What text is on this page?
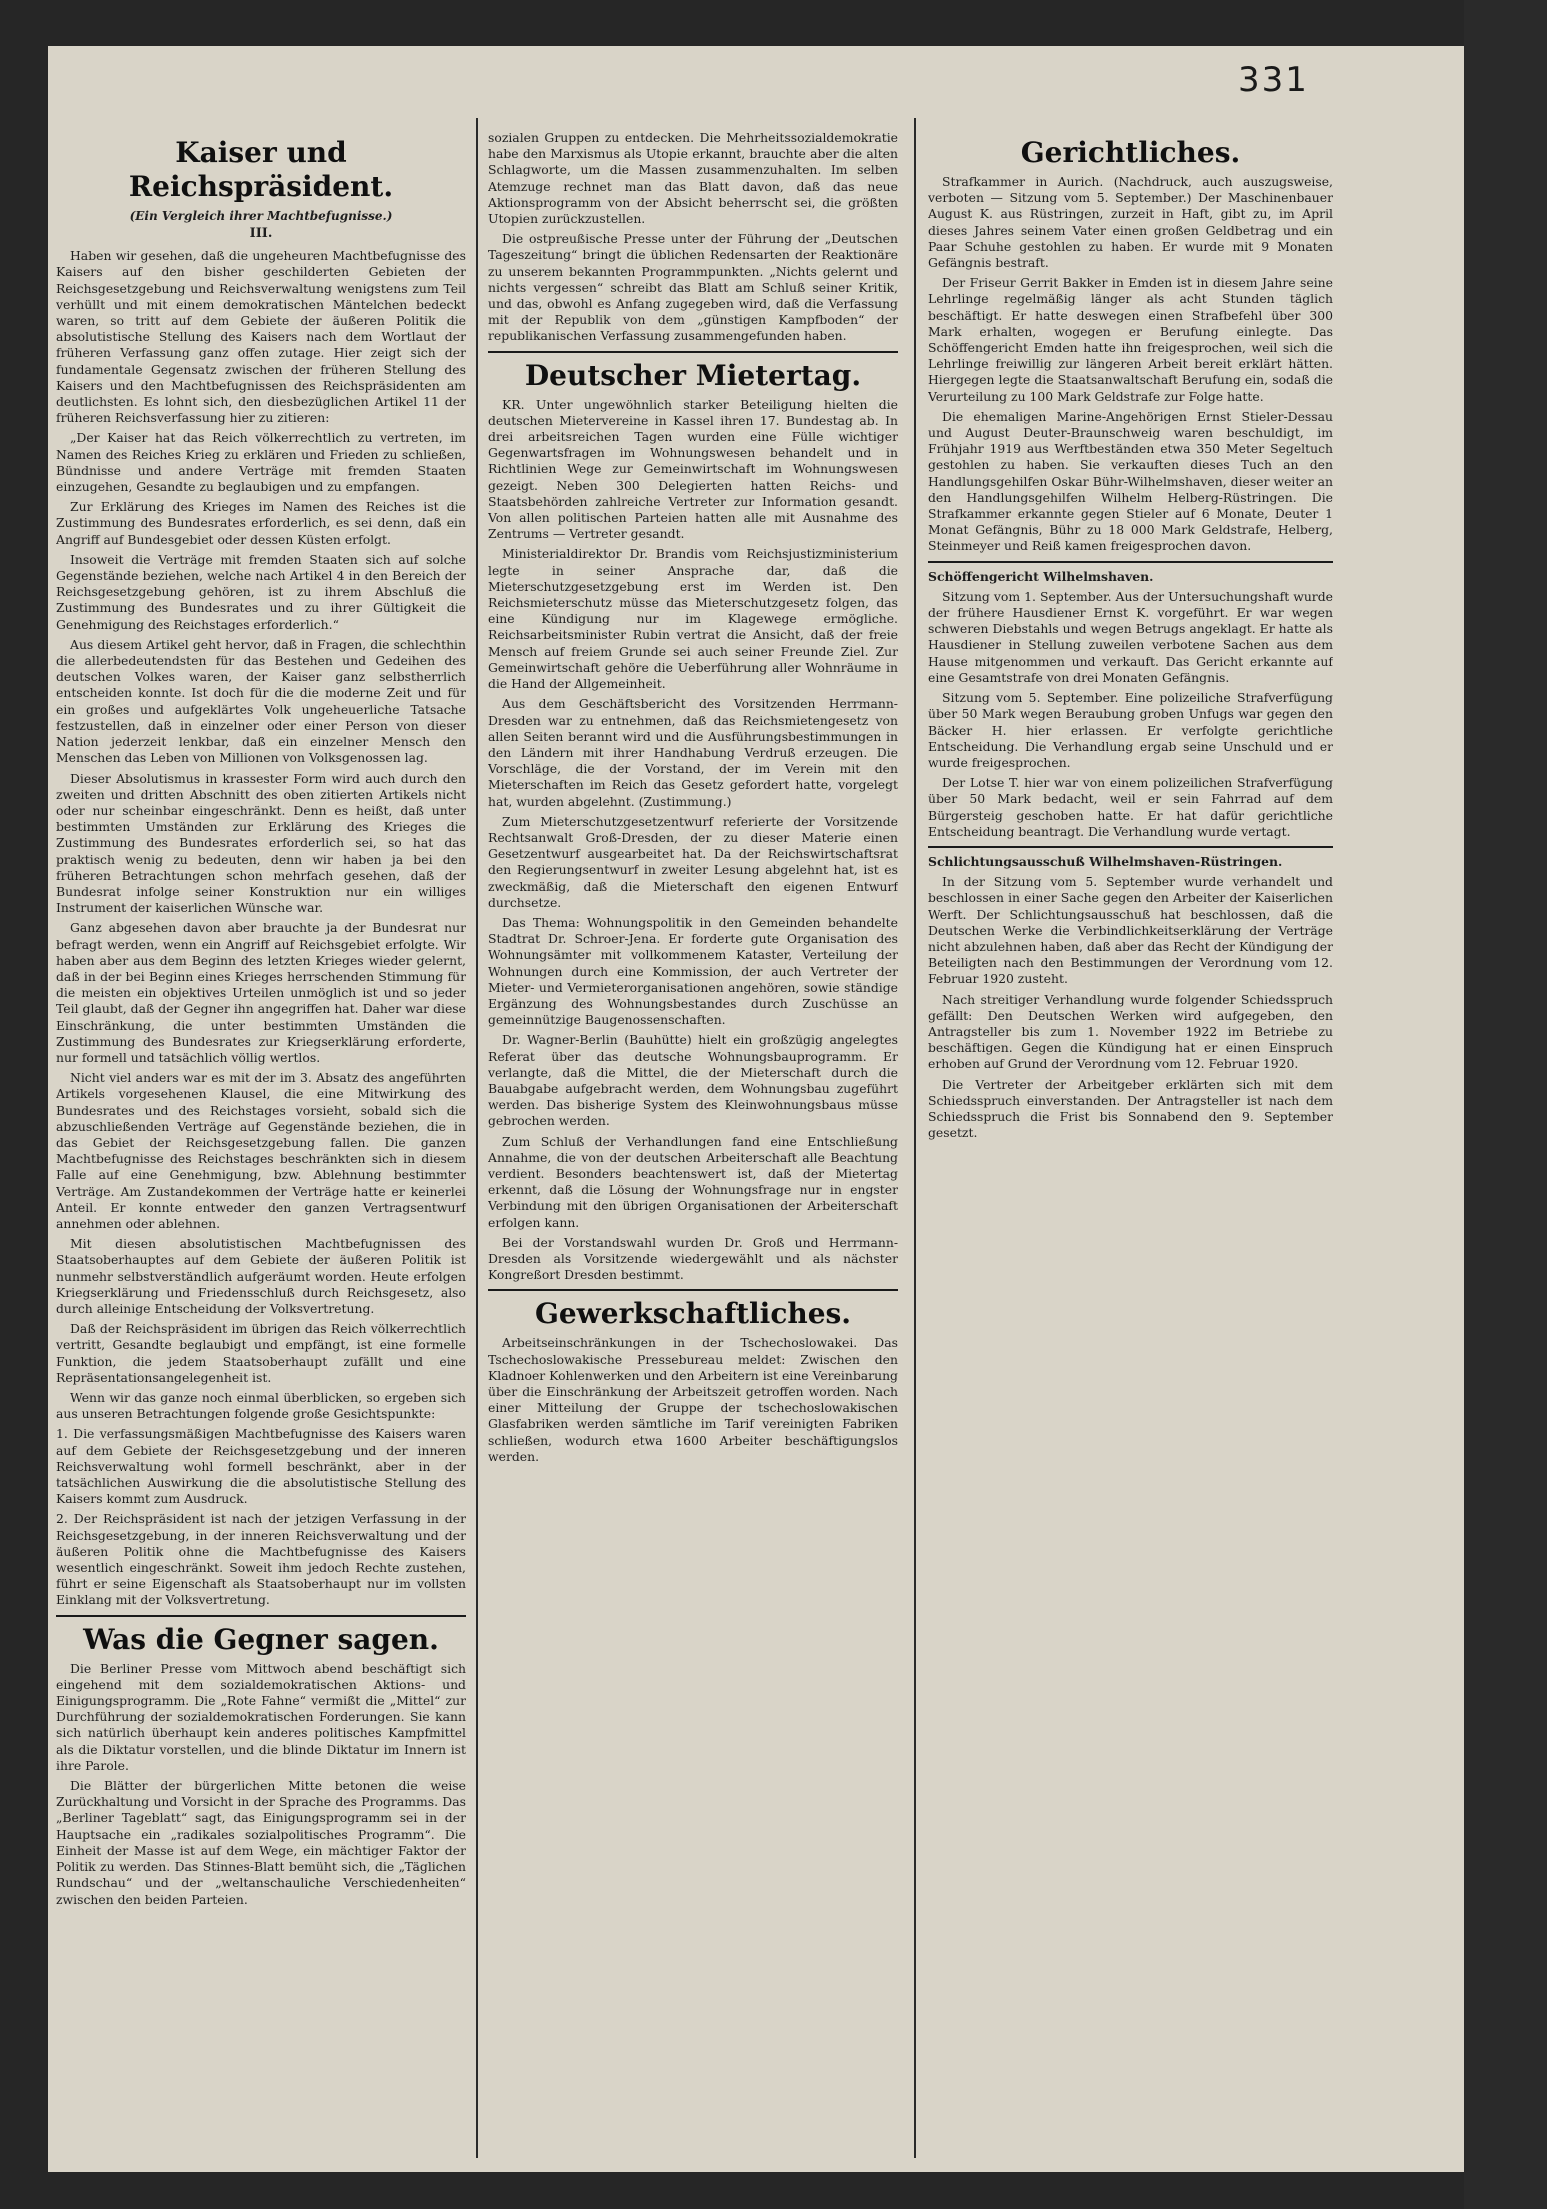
331
Kaiser und Reichspräsident.
(Ein Vergleich ihrer Machtbefugnisse.)
III.

Haben wir gesehen, daß die ungeheuren Machtbefugnisse des Kaisers auf den bisher geschilderten Gebieten der Reichsgesetzgebung und Reichsverwaltung wenigstens zum Teil verhüllt und mit einem demokratischen Mäntelchen bedeckt waren, so tritt auf dem Gebiete der äußeren Politik die absolutistische Stellung des Kaisers nach dem Wortlaut der früheren Verfassung ganz offen zutage. Hier zeigt sich der fundamentale Gegensatz zwischen der früheren Stellung des Kaisers und den Machtbefugnissen des Reichspräsidenten am deutlichsten. Es lohnt sich, den diesbezüglichen Artikel 11 der früheren Reichsverfassung hier zu zitieren:

„Der Kaiser hat das Reich völkerrechtlich zu vertreten, im Namen des Reiches Krieg zu erklären und Frieden zu schließen, Bündnisse und andere Verträge mit fremden Staaten einzugehen, Gesandte zu beglaubigen und zu empfangen.

Zur Erklärung des Krieges im Namen des Reiches ist die Zustimmung des Bundesrates erforderlich, es sei denn, daß ein Angriff auf Bundesgebiet oder dessen Küsten erfolgt.

Insoweit die Verträge mit fremden Staaten sich auf solche Gegenstände beziehen, welche nach Artikel 4 in den Bereich der Reichsgesetzgebung gehören, ist zu ihrem Abschluß die Zustimmung des Bundesrates und zu ihrer Gültigkeit die Genehmigung des Reichstages erforderlich.“

Aus diesem Artikel geht hervor, daß in Fragen, die schlechthin die allerbedeutendsten für das Bestehen und Gedeihen des deutschen Volkes waren, der Kaiser ganz selbstherrlich entscheiden konnte. Ist doch für die die moderne Zeit und für ein großes und aufgeklärtes Volk ungeheuerliche Tatsache festzustellen, daß in einzelner oder einer Person von dieser Nation jederzeit lenkbar, daß ein einzelner Mensch den Menschen das Leben von Millionen von Volksgenossen lag.

Dieser Absolutismus in krassester Form wird auch durch den zweiten und dritten Abschnitt des oben zitierten Artikels nicht oder nur scheinbar eingeschränkt. Denn es heißt, daß unter bestimmten Umständen zur Erklärung des Krieges die Zustimmung des Bundesrates erforderlich sei, so hat das praktisch wenig zu bedeuten, denn wir haben ja bei den früheren Betrachtungen schon mehrfach gesehen, daß der Bundesrat infolge seiner Konstruktion nur ein williges Instrument der kaiserlichen Wünsche war.

Ganz abgesehen davon aber brauchte ja der Bundesrat nur befragt werden, wenn ein Angriff auf Reichsgebiet erfolgte. Wir haben aber aus dem Beginn des letzten Krieges wieder gelernt, daß in der bei Beginn eines Krieges herrschenden Stimmung für die meisten ein objektives Urteilen unmöglich ist und so jeder Teil glaubt, daß der Gegner ihn angegriffen hat. Daher war diese Einschränkung, die unter bestimmten Umständen die Zustimmung des Bundesrates zur Kriegserklärung erforderte, nur formell und tatsächlich völlig wertlos.

Nicht viel anders war es mit der im 3. Absatz des angeführten Artikels vorgesehenen Klausel, die eine Mitwirkung des Bundesrates und des Reichstages vorsieht, sobald sich die abzuschließenden Verträge auf Gegenstände beziehen, die in das Gebiet der Reichsgesetzgebung fallen. Die ganzen Machtbefugnisse des Reichstages beschränkten sich in diesem Falle auf eine Genehmigung, bzw. Ablehnung bestimmter Verträge. Am Zustandekommen der Verträge hatte er keinerlei Anteil. Er konnte entweder den ganzen Vertragsentwurf annehmen oder ablehnen.

Mit diesen absolutistischen Machtbefugnissen des Staatsoberhauptes auf dem Gebiete der äußeren Politik ist nunmehr selbstverständlich aufgeräumt worden. Heute erfolgen Kriegserklärung und Friedensschluß durch Reichsgesetz, also durch alleinige Entscheidung der Volksvertretung.

Daß der Reichspräsident im übrigen das Reich völkerrechtlich vertritt, Gesandte beglaubigt und empfängt, ist eine formelle Funktion, die jedem Staatsoberhaupt zufällt und eine Repräsentationsangelegenheit ist.

Wenn wir das ganze noch einmal überblicken, so ergeben sich aus unseren Betrachtungen folgende große Gesichtspunkte:

1. Die verfassungsmäßigen Machtbefugnisse des Kaisers waren auf dem Gebiete der Reichsgesetzgebung und der inneren Reichsverwaltung wohl formell beschränkt, aber in der tatsächlichen Auswirkung die die absolutistische Stellung des Kaisers kommt zum Ausdruck.

2. Der Reichspräsident ist nach der jetzigen Verfassung in der Reichsgesetzgebung, in der inneren Reichsverwaltung und der äußeren Politik ohne die Machtbefugnisse des Kaisers wesentlich eingeschränkt. Soweit ihm jedoch Rechte zustehen, führt er seine Eigenschaft als Staatsoberhaupt nur im vollsten Einklang mit der Volksvertretung.

Was die Gegner sagen.

Die Berliner Presse vom Mittwoch abend beschäftigt sich eingehend mit dem sozialdemokratischen Aktions- und Einigungsprogramm. Die „Rote Fahne“ vermißt die „Mittel“ zur Durchführung der sozialdemokratischen Forderungen. Sie kann sich natürlich überhaupt kein anderes politisches Kampfmittel als die Diktatur vorstellen, und die blinde Diktatur im Innern ist ihre Parole.

Die Blätter der bürgerlichen Mitte betonen die weise Zurückhaltung und Vorsicht in der Sprache des Programms. Das „Berliner Tageblatt“ sagt, das Einigungsprogramm sei in der Hauptsache ein „radikales sozialpolitisches Programm“. Die Einheit der Masse ist auf dem Wege, ein mächtiger Faktor der Politik zu werden. Das Stinnes-Blatt bemüht sich, die „Täglichen Rundschau“ und der „weltanschauliche Verschiedenheiten“ zwischen den beiden Parteien.

sozialen Gruppen zu entdecken. Die Mehrheitssozialdemokratie habe den Marxismus als Utopie erkannt, brauchte aber die alten Schlagworte, um die Massen zusammenzuhalten. Im selben Atemzuge rechnet man das Blatt davon, daß das neue Aktionsprogramm von der Absicht beherrscht sei, die größten Utopien zurückzustellen.

Die ostpreußische Presse unter der Führung der „Deutschen Tageszeitung“ bringt die üblichen Redensarten der Reaktionäre zu unserem bekannten Programmpunkten. „Nichts gelernt und nichts vergessen“ schreibt das Blatt am Schluß seiner Kritik, und das, obwohl es Anfang zugegeben wird, daß die Verfassung mit der Republik von dem „günstigen Kampfboden“ der republikanischen Verfassung zusammengefunden haben.

Deutscher Mietertag.

KR. Unter ungewöhnlich starker Beteiligung hielten die deutschen Mietervereine in Kassel ihren 17. Bundestag ab. In drei arbeitsreichen Tagen wurden eine Fülle wichtiger Gegenwartsfragen im Wohnungswesen behandelt und in Richtlinien Wege zur Gemeinwirtschaft im Wohnungswesen gezeigt. Neben 300 Delegierten hatten Reichs- und Staatsbehörden zahlreiche Vertreter zur Information gesandt. Von allen politischen Parteien hatten alle mit Ausnahme des Zentrums — Vertreter gesandt.

Ministerialdirektor Dr. Brandis vom Reichsjustizministerium legte in seiner Ansprache dar, daß die Mieterschutzgesetzgebung erst im Werden ist. Den Reichsmieterschutz müsse das Mieterschutzgesetz folgen, das eine Kündigung nur im Klagewege ermögliche. Reichsarbeitsminister Rubin vertrat die Ansicht, daß der freie Mensch auf freiem Grunde sei auch seiner Freunde Ziel. Zur Gemeinwirtschaft gehöre die Ueberführung aller Wohnräume in die Hand der Allgemeinheit.

Aus dem Geschäftsbericht des Vorsitzenden Herrmann-Dresden war zu entnehmen, daß das Reichsmietengesetz von allen Seiten berannt wird und die Ausführungsbestimmungen in den Ländern mit ihrer Handhabung Verdruß erzeugen. Die Vorschläge, die der Vorstand, der im Verein mit den Mieterschaften im Reich das Gesetz gefordert hatte, vorgelegt hat, wurden abgelehnt. (Zustimmung.)

Zum Mieterschutzgesetzentwurf referierte der Vorsitzende Rechtsanwalt Groß-Dresden, der zu dieser Materie einen Gesetzentwurf ausgearbeitet hat. Da der Reichswirtschaftsrat den Regierungsentwurf in zweiter Lesung abgelehnt hat, ist es zweckmäßig, daß die Mieterschaft den eigenen Entwurf durchsetze.

Das Thema: Wohnungspolitik in den Gemeinden behandelte Stadtrat Dr. Schroer-Jena. Er forderte gute Organisation des Wohnungsämter mit vollkommenem Kataster, Verteilung der Wohnungen durch eine Kommission, der auch Vertreter der Mieter- und Vermieterorganisationen angehören, sowie ständige Ergänzung des Wohnungsbestandes durch Zuschüsse an gemeinnützige Baugenossenschaften.

Dr. Wagner-Berlin (Bauhütte) hielt ein großzügig angelegtes Referat über das deutsche Wohnungsbauprogramm. Er verlangte, daß die Mittel, die der Mieterschaft durch die Bauabgabe aufgebracht werden, dem Wohnungsbau zugeführt werden. Das bisherige System des Kleinwohnungsbaus müsse gebrochen werden.

Zum Schluß der Verhandlungen fand eine Entschließung Annahme, die von der deutschen Arbeiterschaft alle Beachtung verdient. Besonders beachtenswert ist, daß der Mietertag erkennt, daß die Lösung der Wohnungsfrage nur in engster Verbindung mit den übrigen Organisationen der Arbeiterschaft erfolgen kann.

Bei der Vorstandswahl wurden Dr. Groß und Herrmann-Dresden als Vorsitzende wiedergewählt und als nächster Kongreßort Dresden bestimmt.

Gewerkschaftliches.

Arbeitseinschränkungen in der Tschechoslowakei. Das Tschechoslowakische Pressebureau meldet: Zwischen den Kladnoer Kohlenwerken und den Arbeitern ist eine Vereinbarung über die Einschränkung der Arbeitszeit getroffen worden. Nach einer Mitteilung der Gruppe der tschechoslowakischen Glasfabriken werden sämtliche im Tarif vereinigten Fabriken schließen, wodurch etwa 1600 Arbeiter beschäftigungslos werden.

Gerichtliches.

Strafkammer in Aurich. (Nachdruck, auch auszugsweise, verboten — Sitzung vom 5. September.) Der Maschinenbauer August K. aus Rüstringen, zurzeit in Haft, gibt zu, im April dieses Jahres seinem Vater einen großen Geldbetrag und ein Paar Schuhe gestohlen zu haben. Er wurde mit 9 Monaten Gefängnis bestraft.

Der Friseur Gerrit Bakker in Emden ist in diesem Jahre seine Lehrlinge regelmäßig länger als acht Stunden täglich beschäftigt. Er hatte deswegen einen Strafbefehl über 300 Mark erhalten, wogegen er Berufung einlegte. Das Schöffengericht Emden hatte ihn freigesprochen, weil sich die Lehrlinge freiwillig zur längeren Arbeit bereit erklärt hätten. Hiergegen legte die Staatsanwaltschaft Berufung ein, sodaß die Verurteilung zu 100 Mark Geldstrafe zur Folge hatte.

Die ehemaligen Marine-Angehörigen Ernst Stieler-Dessau und August Deuter-Braunschweig waren beschuldigt, im Frühjahr 1919 aus Werftbeständen etwa 350 Meter Segeltuch gestohlen zu haben. Sie verkauften dieses Tuch an den Handlungsgehilfen Oskar Bühr-Wilhelmshaven, dieser weiter an den Handlungsgehilfen Wilhelm Helberg-Rüstringen. Die Strafkammer erkannte gegen Stieler auf 6 Monate, Deuter 1 Monat Gefängnis, Bühr zu 18 000 Mark Geldstrafe, Helberg, Steinmeyer und Reiß kamen freigesprochen davon.

Schöffengericht Wilhelmshaven.

Sitzung vom 1. September. Aus der Untersuchungshaft wurde der frühere Hausdiener Ernst K. vorgeführt. Er war wegen schweren Diebstahls und wegen Betrugs angeklagt. Er hatte als Hausdiener in Stellung zuweilen verbotene Sachen aus dem Hause mitgenommen und verkauft. Das Gericht erkannte auf eine Gesamtstrafe von drei Monaten Gefängnis.

Sitzung vom 5. September. Eine polizeiliche Strafverfügung über 50 Mark wegen Beraubung groben Unfugs war gegen den Bäcker H. hier erlassen. Er verfolgte gerichtliche Entscheidung. Die Verhandlung ergab seine Unschuld und er wurde freigesprochen.

Der Lotse T. hier war von einem polizeilichen Strafverfügung über 50 Mark bedacht, weil er sein Fahrrad auf dem Bürgersteig geschoben hatte. Er hat dafür gerichtliche Entscheidung beantragt. Die Verhandlung wurde vertagt.

Schlichtungsausschuß Wilhelmshaven-Rüstringen.

In der Sitzung vom 5. September wurde verhandelt und beschlossen in einer Sache gegen den Arbeiter der Kaiserlichen Werft. Der Schlichtungsausschuß hat beschlossen, daß die Deutschen Werke die Verbindlichkeitserklärung der Verträge nicht abzulehnen haben, daß aber das Recht der Kündigung der Beteiligten nach den Bestimmungen der Verordnung vom 12. Februar 1920 zusteht.

Nach streitiger Verhandlung wurde folgender Schiedsspruch gefällt: Den Deutschen Werken wird aufgegeben, den Antragsteller bis zum 1. November 1922 im Betriebe zu beschäftigen. Gegen die Kündigung hat er einen Einspruch erhoben auf Grund der Verordnung vom 12. Februar 1920.

Die Vertreter der Arbeitgeber erklärten sich mit dem Schiedsspruch einverstanden. Der Antragsteller ist nach dem Schiedsspruch die Frist bis Sonnabend den 9. September gesetzt.
